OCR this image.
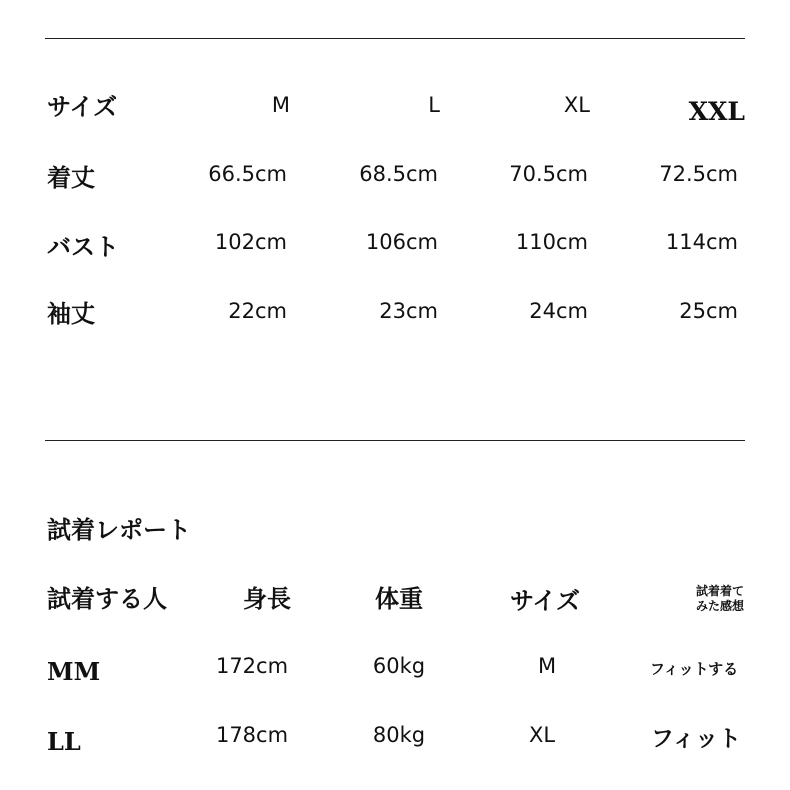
サイズ	M	L	XL	XXL
着丈	66.5cm	68.5cm	70.5cm	72.5cm
バスト	102cm	106cm	110cm	114cm
袖丈	22cm	23cm	24cm	25cm
試着レポート
試着する人	身長	体重	サイズ	試着着て
みた感想
MM	172cm	60kg	M	フィットする
LL	178cm	80kg	XL	フィット
